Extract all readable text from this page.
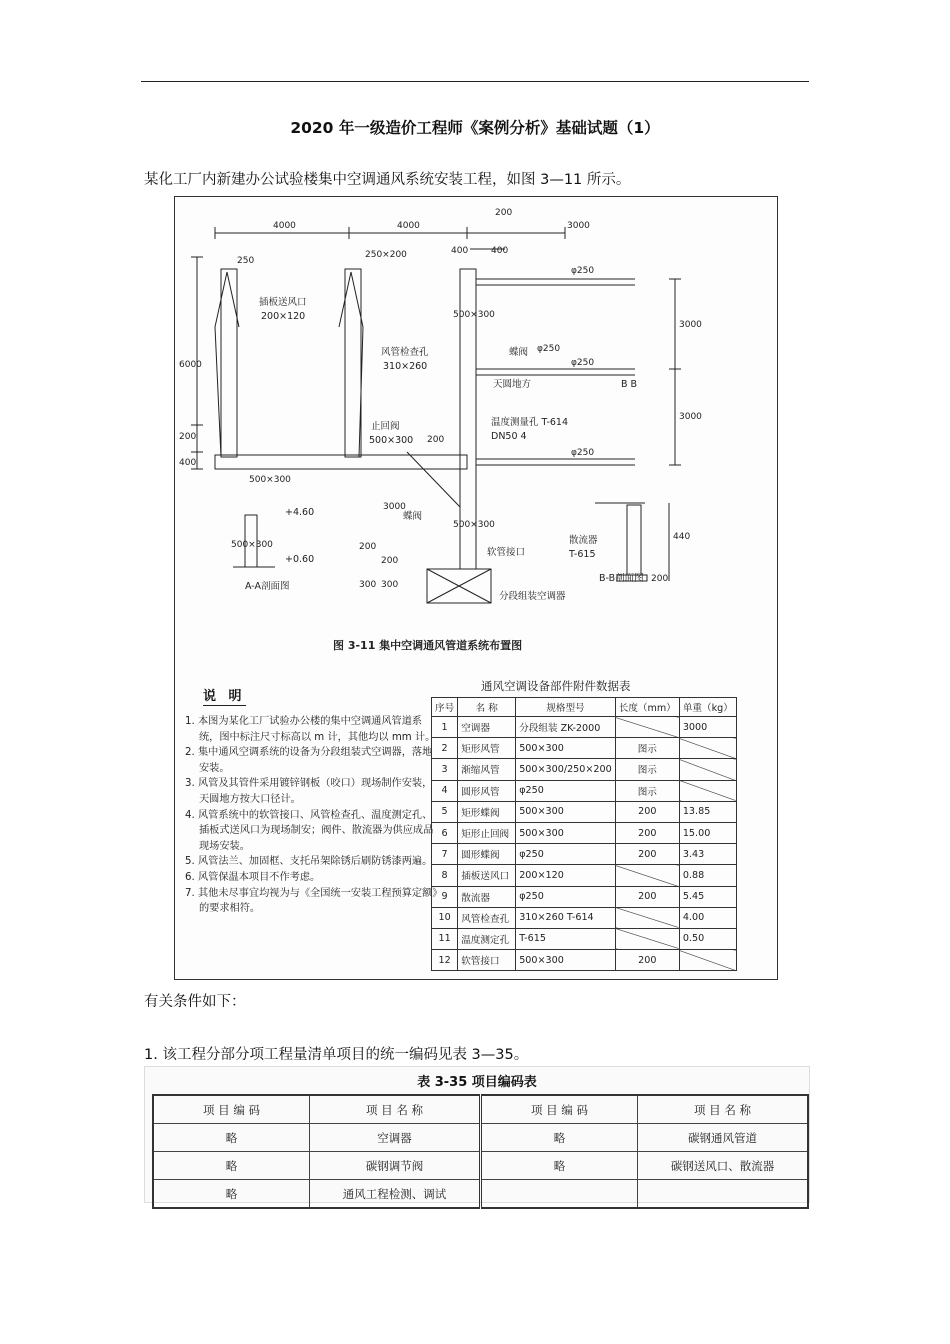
2020 年一级造价工程师《案例分析》基础试题（1）
某化工厂内新建办公试验楼集中空调通风系统安装工程，如图 3—11 所示。
4000	4000
200
3000
400	400
250
250×200
6000
200
400
500×300
3000
3000
3000
200
200
300
200
300
440
200
φ250
φ250
φ250
φ250
500×300
500×300
500×300
插板送风口
200×120
风管检查孔
310×260
蝶阀
天圆地方
温度测量孔 T-614
DN50 4
止回阀
500×300
蝶阀
软管接口
散流器
T-615
分段组装空调器
A-A剖面图
B-B剖面图
+4.60
+0.60
B B
图 3-11 集中空调通风管道系统布置图
说 明
1. 本图为某化工厂试验办公楼的集中空调通风管道系统，图中标注尺寸标高以 m 计，其他均以 mm 计。
2. 集中通风空调系统的设备为分段组装式空调器，落地安装。
3. 风管及其管件采用镀锌钢板（咬口）现场制作安装，天圆地方按大口径计。
4. 风管系统中的软管接口、风管检查孔、温度测定孔、插板式送风口为现场制安；阀件、散流器为供应成品现场安装。
5. 风管法兰、加固框、支托吊架除锈后刷防锈漆两遍。
6. 风管保温本项目不作考虑。
7. 其他未尽事宜均视为与《全国统一安装工程预算定额》的要求相符。
通风空调设备部件附件数据表
序号	名 称	规格型号	长度（mm）	单重（kg）
1	空调器	分段组装 ZK-2000		3000
2	矩形风管	500×300	图示	
3	渐缩风管	500×300/250×200	图示	
4	圆形风管	φ250	图示	
5	矩形蝶阀	500×300	200	13.85
6	矩形止回阀	500×300	200	15.00
7	圆形蝶阀	φ250	200	3.43
8	插板送风口	200×120		0.88
9	散流器	φ250	200	5.45
10	风管检查孔	310×260 T-614		4.00
11	温度测定孔	T-615		0.50
12	软管接口	500×300	200	
有关条件如下：
1. 该工程分部分项工程量清单项目的统一编码见表 3—35。
表 3-35 项目编码表
项 目 编 码	项 目 名 称	项 目 编 码	项 目 名 称
略	空调器	略	碳钢通风管道
略	碳钢调节阀	略	碳钢送风口、散流器
略	通风工程检测、调试		
